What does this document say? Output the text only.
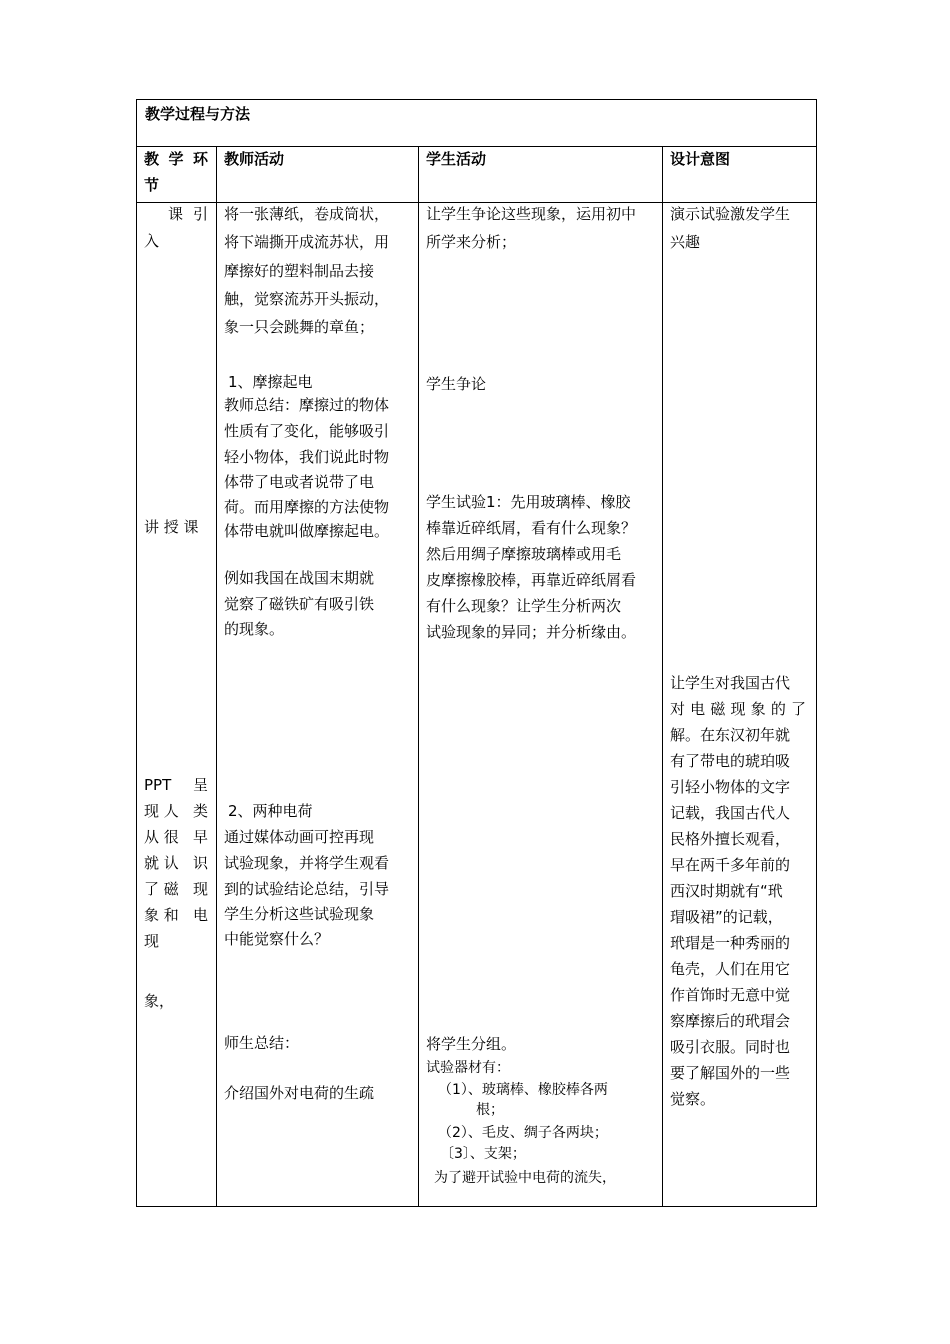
教学过程与方法
教 学 环
节
教师活动	学生活动	设计意图
课 引
入
讲 授 课
PPT 呈
现人 类
从很 早
就认 识
了磁 现
象和 电
现
象，
将一张薄纸，卷成筒状，
将下端撕开成流苏状，用
摩擦好的塑料制品去接
触，觉察流苏开头振动，
象一只会跳舞的章鱼；
1、摩擦起电
教师总结：摩擦过的物体
性质有了变化，能够吸引
轻小物体，我们说此时物
体带了电或者说带了电
荷。而用摩擦的方法使物
体带电就叫做摩擦起电。
例如我国在战国末期就
觉察了磁铁矿有吸引铁
的现象。
2、两种电荷
通过媒体动画可控再现
试验现象，并将学生观看
到的试验结论总结，引导
学生分析这些试验现象
中能觉察什么？
师生总结：
介绍国外对电荷的生疏
让学生争论这些现象，运用初中
所学来分析；
学生争论
学生试验1：先用玻璃棒、橡胶
棒靠近碎纸屑，看有什么现象？
然后用绸子摩擦玻璃棒或用毛
皮摩擦橡胶棒，再靠近碎纸屑看
有什么现象？让学生分析两次
试验现象的异同；并分析缘由。
将学生分组。
试验器材有：
（1）、玻璃棒、橡胶棒各两
根；
（2）、毛皮、绸子各两块；
〔3〕、支架；
为了避开试验中电荷的流失，
演示试验激发学生
兴趣
让学生对我国古代
对电磁现象的了
解。在东汉初年就
有了带电的琥珀吸
引轻小物体的文字
记载，我国古代人
民格外擅长观看，
早在两千多年前的
西汉时期就有“玳
瑁吸裙”的记载，
玳瑁是一种秀丽的
龟壳，人们在用它
作首饰时无意中觉
察摩擦后的玳瑁会
吸引衣服。同时也
要了解国外的一些
觉察。
